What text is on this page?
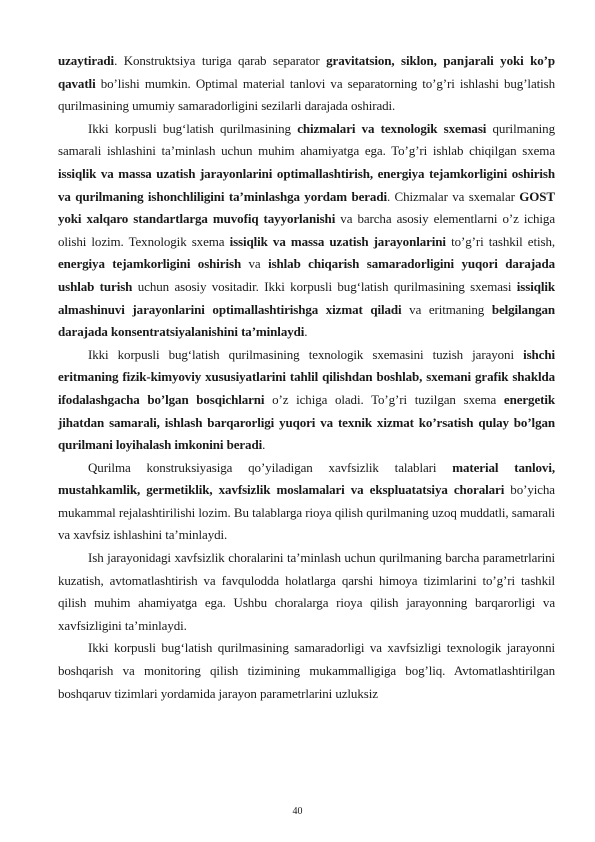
uzaytiradi. Konstruktsiya turiga qarab separator gravitatsion, siklon, panjarali yoki ko’p qavatli bo’lishi mumkin. Optimal material tanlovi va separatorning to’g’ri ishlashi bug’latish qurilmasining umumiy samaradorligini sezilarli darajada oshiradi.

Ikki korpusli bug‘latish qurilmasining chizmalari va texnologik sxemasi qurilmaning samarali ishlashini ta’minlash uchun muhim ahamiyatga ega. To’g’ri ishlab chiqilgan sxema issiqlik va massa uzatish jarayonlarini optimallashtirish, energiya tejamkorligini oshirish va qurilmaning ishonchliligini ta’minlashga yordam beradi. Chizmalar va sxemalar GOST yoki xalqaro standartlarga muvofiq tayyorlanishi va barcha asosiy elementlarni o’z ichiga olishi lozim. Texnologik sxema issiqlik va massa uzatish jarayonlarini to’g’ri tashkil etish, energiya tejamkorligini oshirish va ishlab chiqarish samaradorligini yuqori darajada ushlab turish uchun asosiy vositadir. Ikki korpusli bug‘latish qurilmasining sxemasi issiqlik almashinuvi jarayonlarini optimallashtirishga xizmat qiladi va eritmaning belgilangan darajada konsentratsiyalanishini ta’minlaydi.

Ikki korpusli bug‘latish qurilmasining texnologik sxemasini tuzish jarayoni ishchi eritmaning fizik-kimyoviy xususiyatlarini tahlil qilishdan boshlab, sxemani grafik shaklda ifodalashgacha bo’lgan bosqichlarni o’z ichiga oladi. To’g’ri tuzilgan sxema energetik jihatdan samarali, ishlash barqarorligi yuqori va texnik xizmat ko’rsatish qulay bo’lgan qurilmani loyihalash imkonini beradi.

Qurilma konstruksiyasiga qo’yiladigan xavfsizlik talablari material tanlovi, mustahkamlik, germetiklik, xavfsizlik moslamalari va ekspluatatsiya choralari bo’yicha mukammal rejalashtirilishi lozim. Bu talablarga rioya qilish qurilmaning uzoq muddatli, samarali va xavfsiz ishlashini ta’minlaydi.

Ish jarayonidagi xavfsizlik choralarini ta’minlash uchun qurilmaning barcha parametrlarini kuzatish, avtomatlashtirish va favqulodda holatlarga qarshi himoya tizimlarini to’g’ri tashkil qilish muhim ahamiyatga ega. Ushbu choralarga rioya qilish jarayonning barqarorligi va xavfsizligini ta’minlaydi.

Ikki korpusli bug‘latish qurilmasining samaradorligi va xavfsizligi texnologik jarayonni boshqarish va monitoring qilish tizimining mukammalligiga bog’liq. Avtomatlashtirilgan boshqaruv tizimlari yordamida jarayon parametrlarini uzluksiz

40
